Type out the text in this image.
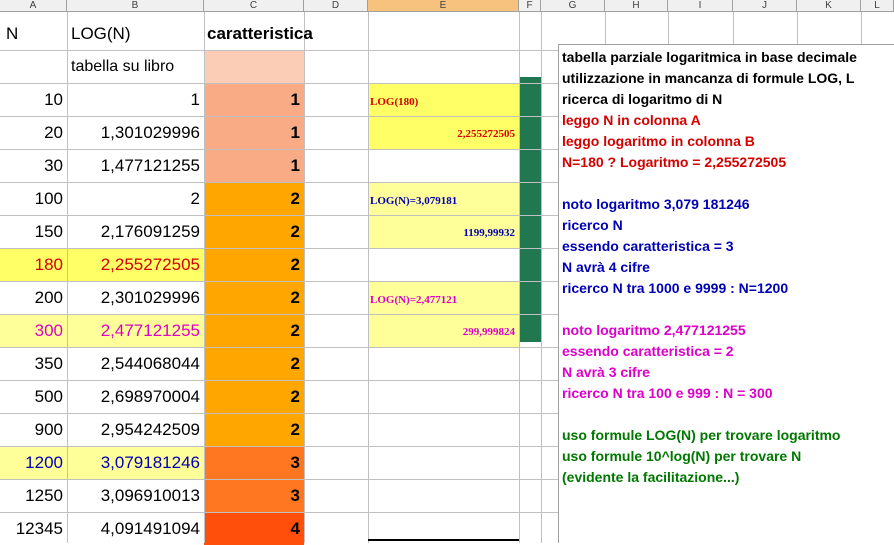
A	B	C	D	E	F	G	H	I	J	K	L
N	LOG(N)	caratteristica
tabella su libro
10	1	1
20	1,301029996	1
30	1,477121255	1
100	2	2
150	2,176091259	2
180	2,255272505	2
200	2,301029996	2
300	2,477121255	2
350	2,544068044	2
500	2,698970004	2
900	2,954242509	2
1200	3,079181246	3
1250	3,096910013	3
12345	4,091491094	4
LOG(180)
2,255272505
LOG(N)=3,079181
1199,99932
LOG(N)=2,477121
299,999824
tabella parziale logaritmica in base decimale
utilizzazione in mancanza di formule LOG, L
ricerca di logaritmo di N
leggo N in colonna A
leggo logaritmo in colonna B
N=180 ? Logaritmo = 2,255272505
noto logaritmo 3,079 181246
ricerco N
essendo caratteristica = 3
N avrà 4 cifre
ricerco N tra 1000 e 9999 : N=1200
noto logaritmo 2,477121255
essendo caratteristica = 2
N avrà 3 cifre
ricerco N tra 100 e 999 : N = 300
uso formule LOG(N) per trovare logaritmo
uso formule 10^log(N) per trovare N
(evidente la facilitazione...)
